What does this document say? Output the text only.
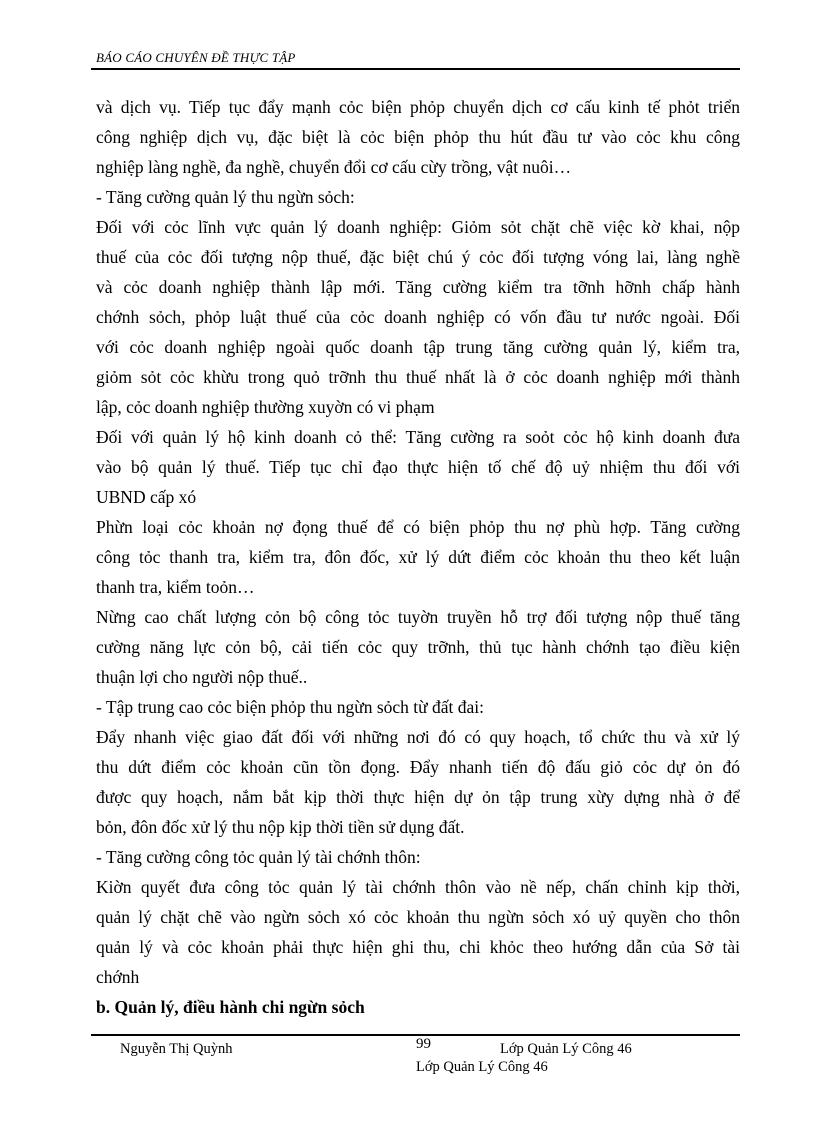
BÁO CÁO CHUYÊN ĐỀ THỰC TẬP
và dịch vụ. Tiếp tục đẩy mạnh cỏc biện phỏp chuyển dịch cơ cấu kinh tế phỏt triển
công nghiệp dịch vụ, đặc biệt là cỏc biện phỏp thu hút đầu tư vào cỏc khu công
nghiệp làng nghề, đa nghề, chuyển đổi cơ cấu cừy trồng, vật nuôi…
- Tăng cường quản lý thu ngừn sỏch:
Đối với cỏc lĩnh vực quản lý doanh nghiệp: Giỏm sỏt chặt chẽ việc kờ khai, nộp
thuế của cỏc đối tượng nộp thuế, đặc biệt chú ý cỏc đối tượng vóng lai, làng nghề
và cỏc doanh nghiệp thành lập mới. Tăng cường kiểm tra tỡnh hỡnh chấp hành
chớnh sỏch, phỏp luật thuế của cỏc doanh nghiệp có vốn đầu tư nước ngoài. Đối
với cỏc doanh nghiệp ngoài quốc doanh tập trung tăng cường quản lý, kiểm tra,
giỏm sỏt cỏc khừu trong quỏ trỡnh thu thuế nhất là ở cỏc doanh nghiệp mới thành
lập, cỏc doanh nghiệp thường xuyờn có vi phạm
Đối với quản lý hộ kinh doanh cỏ thể: Tăng cường ra soỏt cỏc hộ kinh doanh đưa
vào bộ quản lý thuế. Tiếp tục chỉ đạo thực hiện tố chế độ uỷ nhiệm thu đối với
UBND cấp xó
Phừn loại cỏc khoản nợ đọng thuế để có biện phỏp thu nợ phù hợp. Tăng cường
công tỏc thanh tra, kiểm tra, đôn đốc, xử lý dứt điểm cỏc khoản thu theo kết luận
thanh tra, kiểm toỏn…
Nừng cao chất lượng cỏn bộ công tỏc tuyờn truyền hỗ trợ đối tượng nộp thuế tăng
cường năng lực cỏn bộ, cải tiến cỏc quy trỡnh, thủ tục hành chớnh tạo điều kiện
thuận lợi cho người nộp thuế..
- Tập trung cao cỏc biện phỏp thu ngừn sỏch từ đất đai:
Đẩy nhanh việc giao đất đối với những nơi đó có quy hoạch, tổ chức thu và xử lý
thu dứt điểm cỏc khoản cũn tồn đọng. Đẩy nhanh tiến độ đấu giỏ cỏc dự ỏn đó
được quy hoạch, nắm bắt kịp thời thực hiện dự ỏn tập trung xừy dựng nhà ở để
bỏn, đôn đốc xử lý thu nộp kịp thời tiền sử dụng đất.
- Tăng cường công tỏc quản lý tài chớnh thôn:
Kiờn quyết đưa công tỏc quản lý tài chớnh thôn vào nề nếp, chấn chỉnh kịp thời,
quản lý chặt chẽ vào ngừn sỏch xó cỏc khoản thu ngừn sỏch xó uỷ quyền cho thôn
quản lý và cỏc khoản phải thực hiện ghi thu, chi khỏc theo hướng dẫn của Sở tài
chớnh
b. Quản lý, điều hành chi ngừn sỏch
Nguyễn Thị Quỳnh	99	Lớp Quản Lý Công 46
Lớp Quản Lý Công 46
